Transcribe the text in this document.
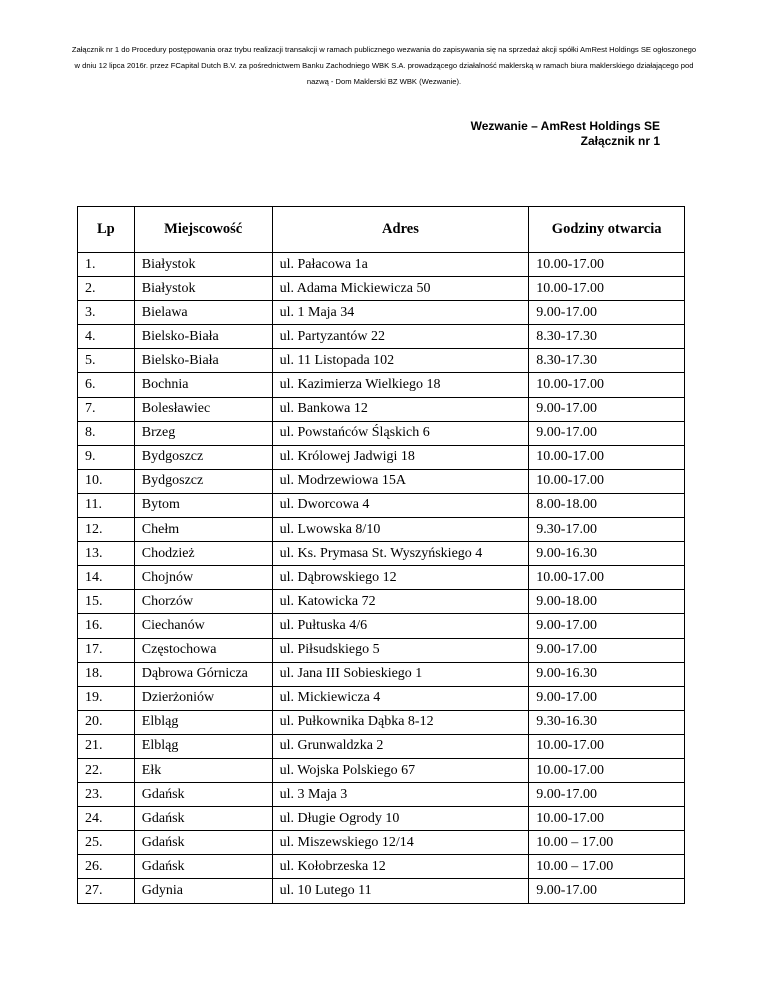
Załącznik nr 1 do Procedury postępowania oraz trybu realizacji transakcji w ramach publicznego wezwania do zapisywania się na sprzedaż akcji spółki AmRest Holdings SE ogłoszonego
w dniu 12 lipca 2016r. przez FCapital Dutch B.V. za pośrednictwem Banku Zachodniego WBK S.A. prowadzącego działalność maklerską w ramach biura maklerskiego działającego pod
nazwą - Dom Maklerski BZ WBK (Wezwanie).
Wezwanie – AmRest Holdings SE
Załącznik nr 1
Lp	Miejscowość	Adres	Godziny otwarcia
1.	Białystok	ul. Pałacowa 1a	10.00-17.00
2.	Białystok	ul. Adama Mickiewicza 50	10.00-17.00
3.	Bielawa	ul. 1 Maja 34	9.00-17.00
4.	Bielsko-Biała	ul. Partyzantów 22	8.30-17.30
5.	Bielsko-Biała	ul. 11 Listopada 102	8.30-17.30
6.	Bochnia	ul. Kazimierza Wielkiego 18	10.00-17.00
7.	Bolesławiec	ul. Bankowa 12	9.00-17.00
8.	Brzeg	ul. Powstańców Śląskich 6	9.00-17.00
9.	Bydgoszcz	ul. Królowej Jadwigi 18	10.00-17.00
10.	Bydgoszcz	ul. Modrzewiowa 15A	10.00-17.00
11.	Bytom	ul. Dworcowa 4	8.00-18.00
12.	Chełm	ul. Lwowska 8/10	9.30-17.00
13.	Chodzież	ul. Ks. Prymasa St. Wyszyńskiego 4	9.00-16.30
14.	Chojnów	ul. Dąbrowskiego 12	10.00-17.00
15.	Chorzów	ul. Katowicka 72	9.00-18.00
16.	Ciechanów	ul. Pułtuska 4/6	9.00-17.00
17.	Częstochowa	ul. Piłsudskiego 5	9.00-17.00
18.	Dąbrowa Górnicza	ul. Jana III Sobieskiego 1	9.00-16.30
19.	Dzierżoniów	ul. Mickiewicza 4	9.00-17.00
20.	Elbląg	ul. Pułkownika Dąbka 8-12	9.30-16.30
21.	Elbląg	ul. Grunwaldzka 2	10.00-17.00
22.	Ełk	ul. Wojska Polskiego 67	10.00-17.00
23.	Gdańsk	ul. 3 Maja 3	9.00-17.00
24.	Gdańsk	ul. Długie Ogrody 10	10.00-17.00
25.	Gdańsk	ul. Miszewskiego 12/14	10.00 – 17.00
26.	Gdańsk	ul. Kołobrzeska 12	10.00 – 17.00
27.	Gdynia	ul. 10 Lutego 11	9.00-17.00
